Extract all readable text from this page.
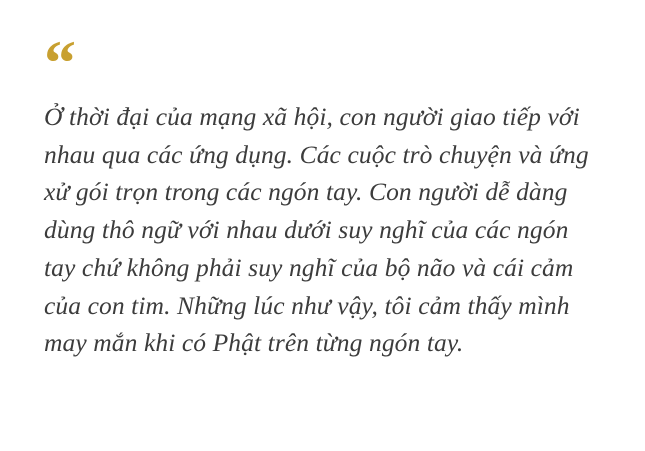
“

Ở thời đại của mạng xã hội, con người giao tiếp với nhau qua các ứng dụng. Các cuộc trò chuyện và ứng xử gói trọn trong các ngón tay. Con người dễ dàng dùng thô ngữ với nhau dưới suy nghĩ của các ngón tay chứ không phải suy nghĩ của bộ não và cái cảm của con tim. Những lúc như vậy, tôi cảm thấy mình may mắn khi có Phật trên từng ngón tay.
